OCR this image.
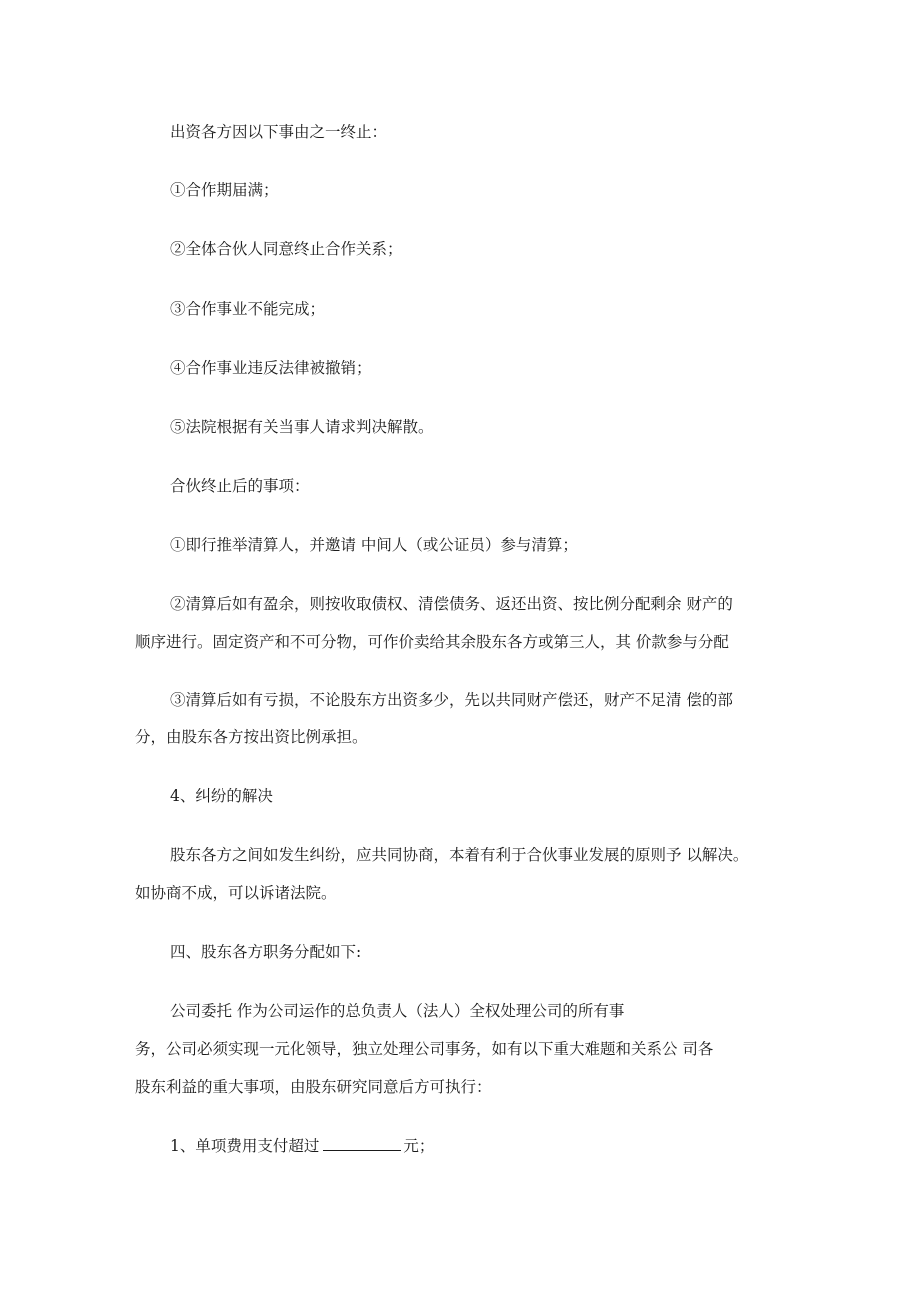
出资各方因以下事由之一终止：
①合作期届满；
②全体合伙人同意终止合作关系；
③合作事业不能完成；
④合作事业违反法律被撤销；
⑤法院根据有关当事人请求判决解散。
合伙终止后的事项：
①即行推举清算人，并邀请 中间人（或公证员）参与清算；
②清算后如有盈余，则按收取债权、清偿债务、返还出资、按比例分配剩余 财产的
顺序进行。固定资产和不可分物，可作价卖给其余股东各方或第三人，其 价款参与分配
③清算后如有亏损，不论股东方出资多少，先以共同财产偿还，财产不足清 偿的部
分，由股东各方按出资比例承担。
4、纠纷的解决
股东各方之间如发生纠纷，应共同协商，本着有利于合伙事业发展的原则予 以解决。
如协商不成，可以诉诸法院。
四、股东各方职务分配如下:
公司委托 作为公司运作的总负责人（法人）全权处理公司的所有事
务，公司必须实现一元化领导，独立处理公司事务，如有以下重大难题和关系公 司各
股东利益的重大事项，由股东研究同意后方可执行：
1、单项费用支付超过	元；
